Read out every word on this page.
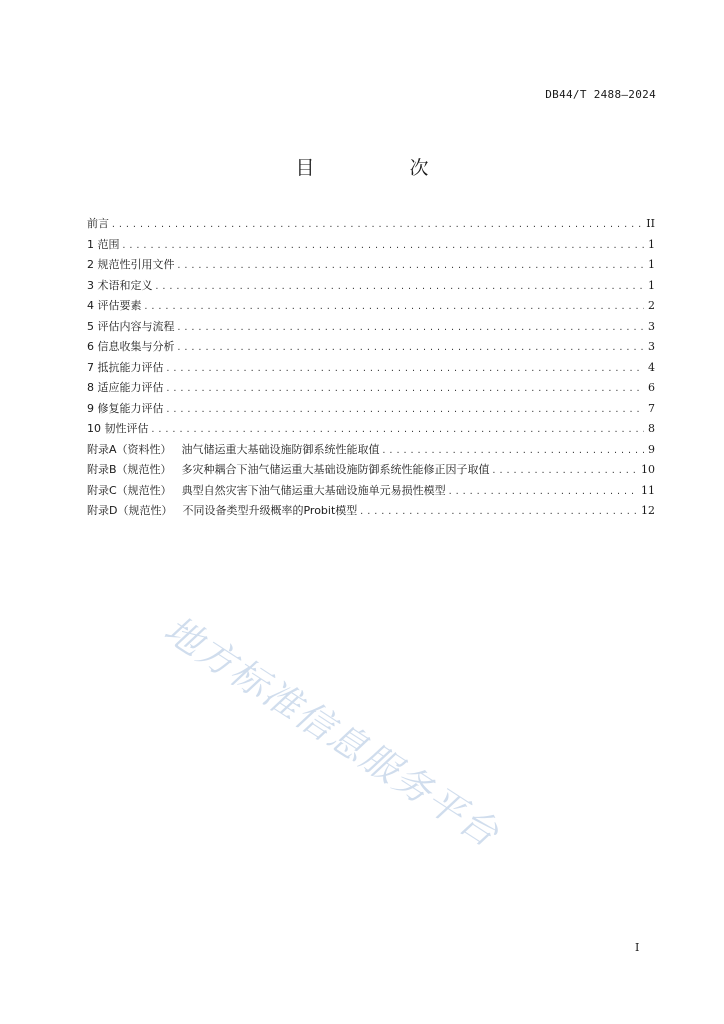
DB44/T 2488—2024
目　次
前言 .....	II
1 范围 .....	1
2 规范性引用文件 .....	1
3 术语和定义 .....	1
4 评估要素 .....	2
5 评估内容与流程 .....	3
6 信息收集与分析 .....	3
7 抵抗能力评估 .....	4
8 适应能力评估 .....	6
9 修复能力评估 .....	7
10 韧性评估 .....	8
附录A（资料性） 油气储运重大基础设施防御系统性能取值 .....	9
附录B（规范性） 多灾种耦合下油气储运重大基础设施防御系统性能修正因子取值 .....	10
附录C（规范性） 典型自然灾害下油气储运重大基础设施单元易损性模型 .....	11
附录D（规范性） 不同设备类型升级概率的Probit模型 .....	12
地方标准信息服务平台
I
